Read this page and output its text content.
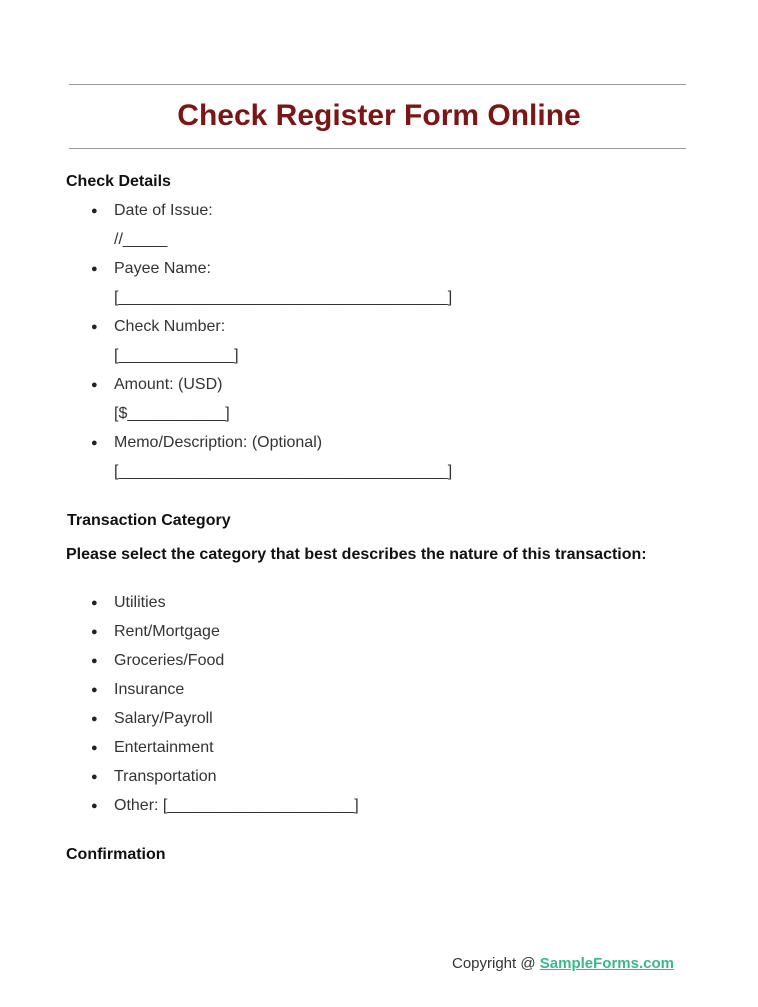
Check Register Form Online
Check Details
● Date of Issue:
//_____
● Payee Name:
[_____________________________________]
● Check Number:
[_____________]
● Amount: (USD)
[$___________]
● Memo/Description: (Optional)
[_____________________________________]
Transaction Category
Please select the category that best describes the nature of this transaction:
● Utilities
● Rent/Mortgage
● Groceries/Food
● Insurance
● Salary/Payroll
● Entertainment
● Transportation
● Other: [_____________________]
Confirmation
Copyright @ SampleForms.com
